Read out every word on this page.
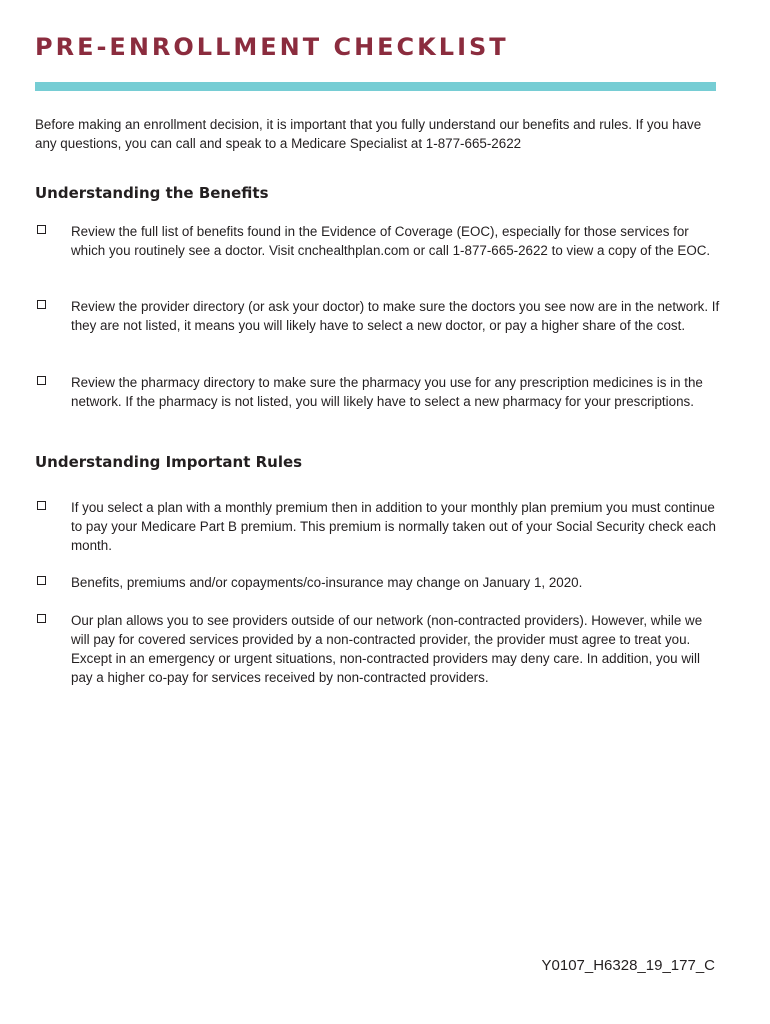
PRE-ENROLLMENT CHECKLIST

Before making an enrollment decision, it is important that you fully understand our benefits and rules. If you have any questions, you can call and speak to a Medicare Specialist at 1-877-665-2622

Understanding the Benefits
Review the full list of benefits found in the Evidence of Coverage (EOC), especially for those services for which you routinely see a doctor. Visit cnchealthplan.com or call 1-877-665-2622 to view a copy of the EOC.
Review the provider directory (or ask your doctor) to make sure the doctors you see now are in the network. If they are not listed, it means you will likely have to select a new doctor, or pay a higher share of the cost.
Review the pharmacy directory to make sure the pharmacy you use for any prescription medicines is in the network. If the pharmacy is not listed, you will likely have to select a new pharmacy for your prescriptions.
Understanding Important Rules
If you select a plan with a monthly premium then in addition to your monthly plan premium you must continue to pay your Medicare Part B premium. This premium is normally taken out of your Social Security check each month.
Benefits, premiums and/or copayments/co-insurance may change on January 1, 2020.
Our plan allows you to see providers outside of our network (non-contracted providers). However, while we will pay for covered services provided by a non-contracted provider, the provider must agree to treat you. Except in an emergency or urgent situations, non-contracted providers may deny care. In addition, you will pay a higher co-pay for services received by non-contracted providers.
Y0107_H6328_19_177_C
